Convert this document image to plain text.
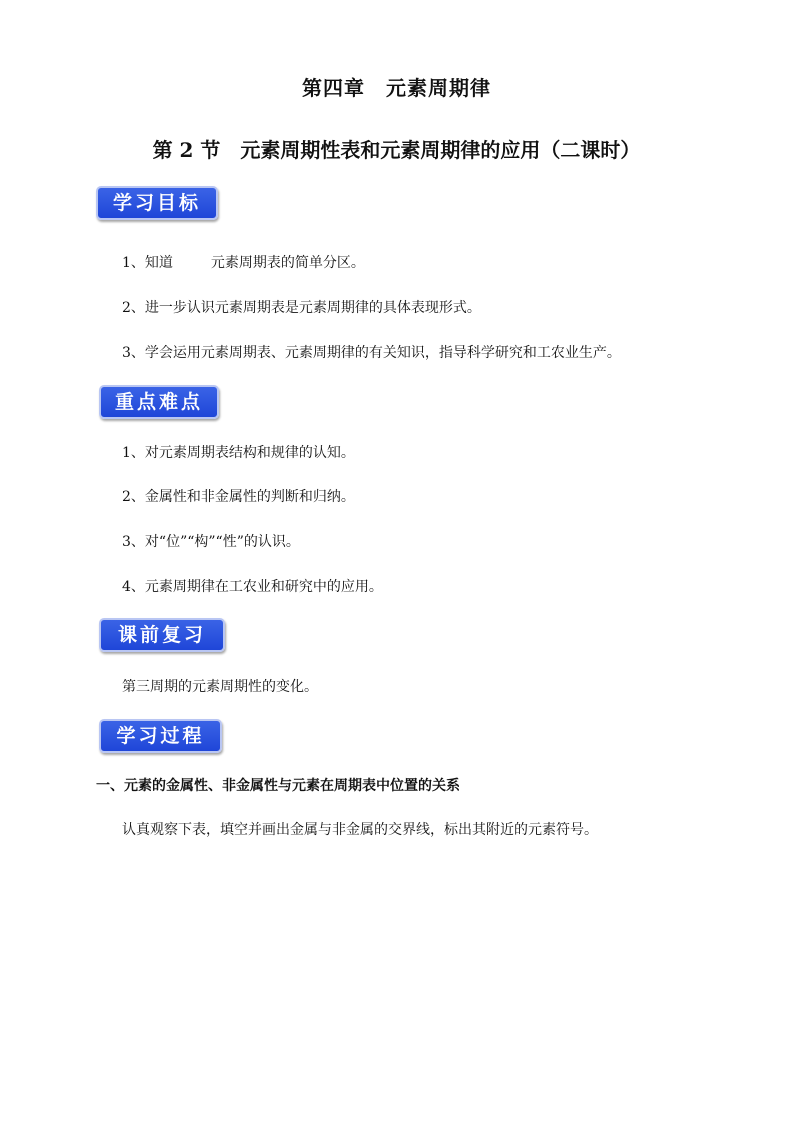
第四章　元素周期律
第 2 节　元素周期性表和元素周期律的应用（二课时）
学习目标
1、知道	元素周期表的简单分区。
2、进一步认识元素周期表是元素周期律的具体表现形式。
3、学会运用元素周期表、元素周期律的有关知识，指导科学研究和工农业生产。
重点难点
1、对元素周期表结构和规律的认知。
2、金属性和非金属性的判断和归纳。
3、对“位”“构”“性”的认识。
4、元素周期律在工农业和研究中的应用。
课前复习
第三周期的元素周期性的变化。
学习过程
一、元素的金属性、非金属性与元素在周期表中位置的关系
认真观察下表，填空并画出金属与非金属的交界线，标出其附近的元素符号。
